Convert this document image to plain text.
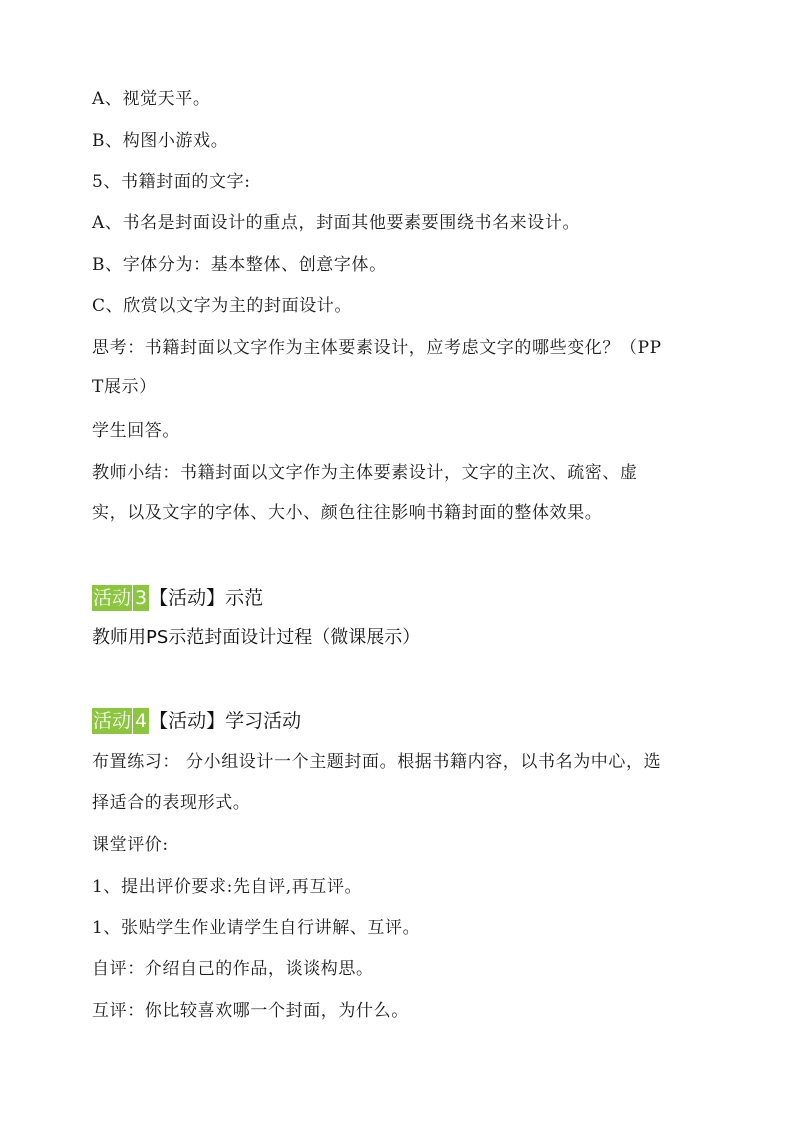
A、视觉天平。
B、构图小游戏。
5、书籍封面的文字:
A、书名是封面设计的重点，封面其他要素要围绕书名来设计。
B、字体分为：基本整体、创意字体。
C、欣赏以文字为主的封面设计。
思考：书籍封面以文字作为主体要素设计，应考虑文字的哪些变化？（PP
T展示）
学生回答。
教师小结：书籍封面以文字作为主体要素设计，文字的主次、疏密、虚
实，以及文字的字体、大小、颜色往往影响书籍封面的整体效果。
活动 3 【活动】示范
教师用PS示范封面设计过程（微课展示）
活动 4 【活动】学习活动
布置练习： 分小组设计一个主题封面。根据书籍内容，以书名为中心，选
择适合的表现形式。
课堂评价:
1、提出评价要求:先自评,再互评。
1、张贴学生作业请学生自行讲解、互评。
自评：介绍自己的作品，谈谈构思。
互评：你比较喜欢哪一个封面，为什么。
